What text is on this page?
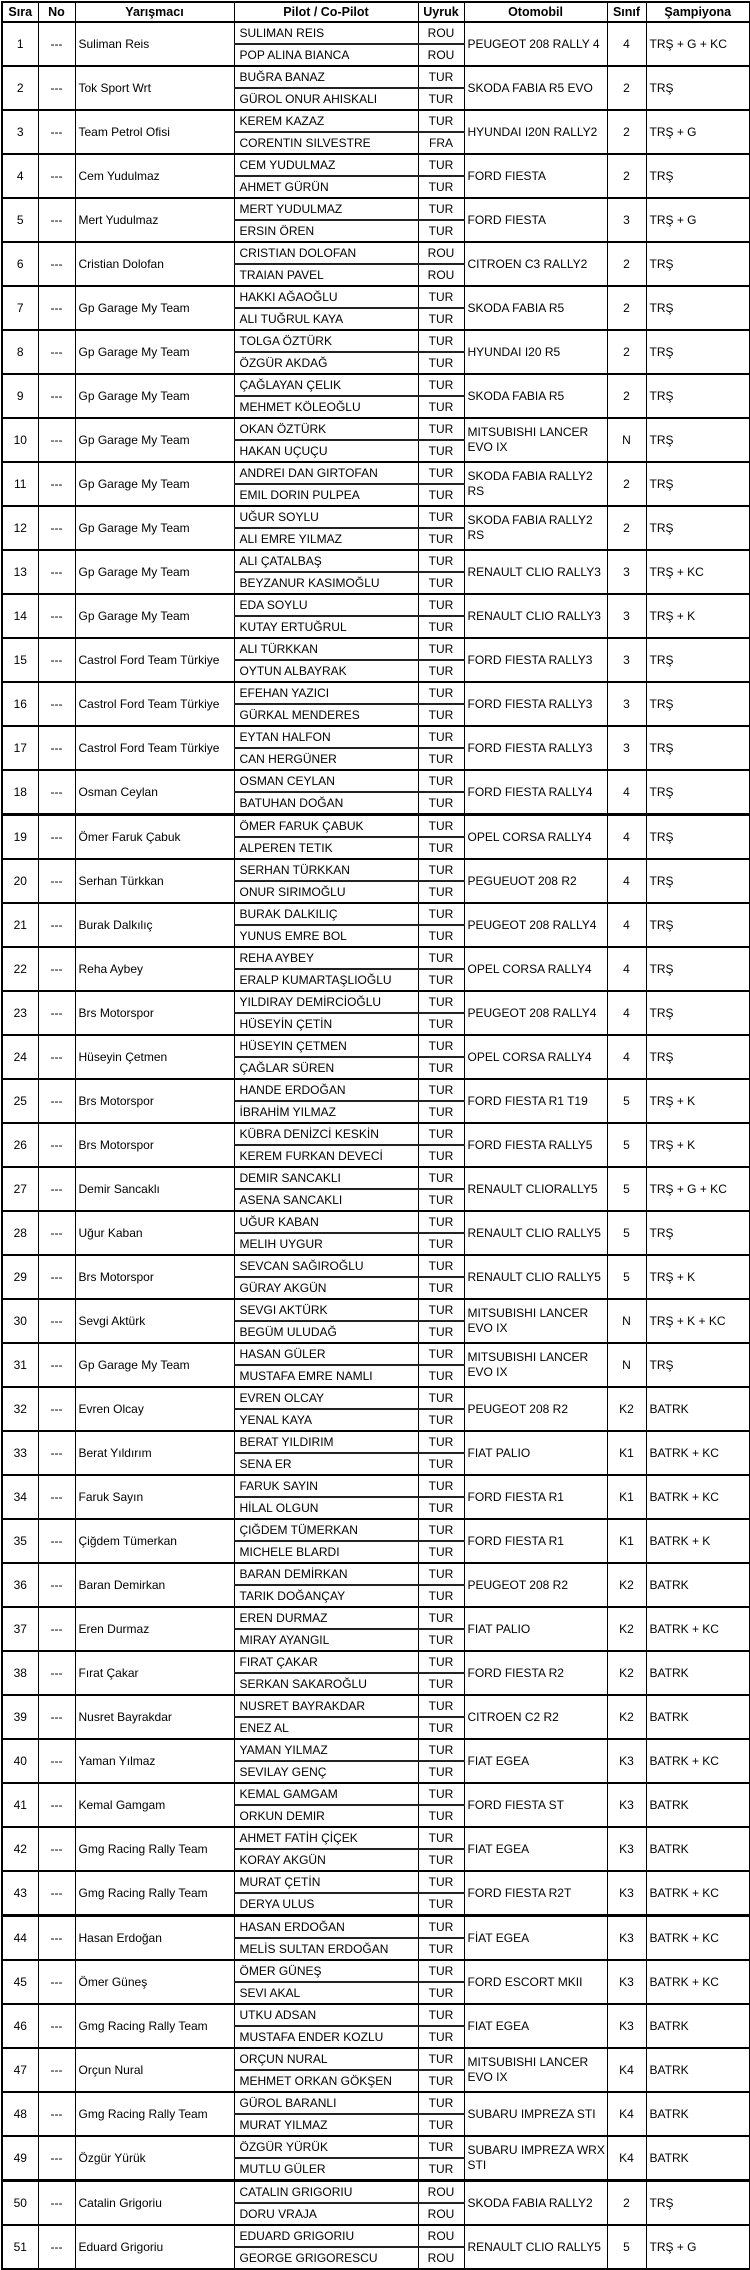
Sıra	No	Yarışmacı	Pilot / Co-Pilot	Uyruk	Otomobil	Sınıf	Şampiyona
1	---	Suliman Reis	SULIMAN REIS	ROU	PEUGEOT 208 RALLY 4	4	TRŞ + G + KC
			POP ALINA BIANCA	ROU			
2	---	Tok Sport Wrt	BUĞRA BANAZ	TUR	SKODA FABIA R5 EVO	2	TRŞ
			GÜROL ONUR AHISKALI	TUR			
3	---	Team Petrol Ofisi	KEREM KAZAZ	TUR	HYUNDAI I20N RALLY2	2	TRŞ + G
			CORENTIN SILVESTRE	FRA			
4	---	Cem Yudulmaz	CEM YUDULMAZ	TUR	FORD FIESTA	2	TRŞ
			AHMET GÜRÜN	TUR			
5	---	Mert Yudulmaz	MERT YUDULMAZ	TUR	FORD FIESTA	3	TRŞ + G
			ERSIN ÖREN	TUR			
6	---	Cristian Dolofan	CRISTIAN DOLOFAN	ROU	CITROEN C3 RALLY2	2	TRŞ
			TRAIAN PAVEL	ROU			
7	---	Gp Garage My Team	HAKKI AĞAOĞLU	TUR	SKODA FABIA R5	2	TRŞ
			ALI TUĞRUL KAYA	TUR			
8	---	Gp Garage My Team	TOLGA ÖZTÜRK	TUR	HYUNDAI I20 R5	2	TRŞ
			ÖZGÜR AKDAĞ	TUR			
9	---	Gp Garage My Team	ÇAĞLAYAN ÇELIK	TUR	SKODA FABIA R5	2	TRŞ
			MEHMET KÖLEOĞLU	TUR			
10	---	Gp Garage My Team	OKAN ÖZTÜRK	TUR	MITSUBISHI LANCER EVO IX	N	TRŞ
			HAKAN UÇUÇU	TUR			
11	---	Gp Garage My Team	ANDREI DAN GIRTOFAN	TUR	SKODA FABIA RALLY2 RS	2	TRŞ
			EMIL DORIN PULPEA	TUR			
12	---	Gp Garage My Team	UĞUR SOYLU	TUR	SKODA FABIA RALLY2 RS	2	TRŞ
			ALI EMRE YILMAZ	TUR			
13	---	Gp Garage My Team	ALI ÇATALBAŞ	TUR	RENAULT CLIO RALLY3	3	TRŞ + KC
			BEYZANUR KASIMOĞLU	TUR			
14	---	Gp Garage My Team	EDA SOYLU	TUR	RENAULT CLIO RALLY3	3	TRŞ + K
			KUTAY ERTUĞRUL	TUR			
15	---	Castrol Ford Team Türkiye	ALI TÜRKKAN	TUR	FORD FIESTA RALLY3	3	TRŞ
			OYTUN ALBAYRAK	TUR			
16	---	Castrol Ford Team Türkiye	EFEHAN YAZICI	TUR	FORD FIESTA RALLY3	3	TRŞ
			GÜRKAL MENDERES	TUR			
17	---	Castrol Ford Team Türkiye	EYTAN HALFON	TUR	FORD FIESTA RALLY3	3	TRŞ
			CAN HERGÜNER	TUR			
18	---	Osman Ceylan	OSMAN CEYLAN	TUR	FORD FIESTA RALLY4	4	TRŞ
			BATUHAN DOĞAN	TUR			
19	---	Ömer Faruk Çabuk	ÖMER FARUK ÇABUK	TUR	OPEL CORSA RALLY4	4	TRŞ
			ALPEREN TETIK	TUR			
20	---	Serhan Türkkan	SERHAN TÜRKKAN	TUR	PEGUEUOT 208 R2	4	TRŞ
			ONUR SIRIMOĞLU	TUR			
21	---	Burak Dalkılıç	BURAK DALKILIÇ	TUR	PEUGEOT 208 RALLY4	4	TRŞ
			YUNUS EMRE BOL	TUR			
22	---	Reha Aybey	REHA AYBEY	TUR	OPEL CORSA RALLY4	4	TRŞ
			ERALP KUMARTAŞLIOĞLU	TUR			
23	---	Brs Motorspor	YILDIRAY DEMİRCİOĞLU	TUR	PEUGEOT 208 RALLY4	4	TRŞ
			HÜSEYİN ÇETİN	TUR			
24	---	Hüseyin Çetmen	HÜSEYIN ÇETMEN	TUR	OPEL CORSA RALLY4	4	TRŞ
			ÇAĞLAR SÜREN	TUR			
25	---	Brs Motorspor	HANDE ERDOĞAN	TUR	FORD FIESTA R1 T19	5	TRŞ + K
			İBRAHİM YILMAZ	TUR			
26	---	Brs Motorspor	KÜBRA DENİZCİ KESKİN	TUR	FORD FIESTA RALLY5	5	TRŞ + K
			KEREM FURKAN DEVECİ	TUR			
27	---	Demir Sancaklı	DEMIR SANCAKLI	TUR	RENAULT CLIORALLY5	5	TRŞ + G + KC
			ASENA SANCAKLI	TUR			
28	---	Uğur Kaban	UĞUR KABAN	TUR	RENAULT CLIO RALLY5	5	TRŞ
			MELIH UYGUR	TUR			
29	---	Brs Motorspor	SEVCAN SAĞIROĞLU	TUR	RENAULT CLIO RALLY5	5	TRŞ + K
			GÜRAY AKGÜN	TUR			
30	---	Sevgi Aktürk	SEVGI AKTÜRK	TUR	MITSUBISHI LANCER EVO IX	N	TRŞ + K + KC
			BEGÜM ULUDAĞ	TUR			
31	---	Gp Garage My Team	HASAN GÜLER	TUR	MITSUBISHI LANCER EVO IX	N	TRŞ
			MUSTAFA EMRE NAMLI	TUR			
32	---	Evren Olcay	EVREN OLCAY	TUR	PEUGEOT 208 R2	K2	BATRK
			YENAL KAYA	TUR			
33	---	Berat Yıldırım	BERAT YILDIRIM	TUR	FIAT PALIO	K1	BATRK + KC
			SENA ER	TUR			
34	---	Faruk Sayın	FARUK SAYIN	TUR	FORD FIESTA R1	K1	BATRK + KC
			HİLAL OLGUN	TUR			
35	---	Çiğdem Tümerkan	ÇIĞDEM TÜMERKAN	TUR	FORD FIESTA R1	K1	BATRK + K
			MICHELE BLARDI	TUR			
36	---	Baran Demirkan	BARAN DEMİRKAN	TUR	PEUGEOT 208 R2	K2	BATRK
			TARIK DOĞANÇAY	TUR			
37	---	Eren Durmaz	EREN DURMAZ	TUR	FIAT PALIO	K2	BATRK + KC
			MIRAY AYANGIL	TUR			
38	---	Fırat Çakar	FIRAT ÇAKAR	TUR	FORD FIESTA R2	K2	BATRK
			SERKAN SAKAROĞLU	TUR			
39	---	Nusret Bayrakdar	NUSRET BAYRAKDAR	TUR	CITROEN C2 R2	K2	BATRK
			ENEZ AL	TUR			
40	---	Yaman Yılmaz	YAMAN YILMAZ	TUR	FIAT EGEA	K3	BATRK + KC
			SEVILAY GENÇ	TUR			
41	---	Kemal Gamgam	KEMAL GAMGAM	TUR	FORD FIESTA ST	K3	BATRK
			ORKUN DEMIR	TUR			
42	---	Gmg Racing Rally Team	AHMET FATİH ÇİÇEK	TUR	FIAT EGEA	K3	BATRK
			KORAY AKGÜN	TUR			
43	---	Gmg Racing Rally Team	MURAT ÇETİN	TUR	FORD FIESTA R2T	K3	BATRK + KC
			DERYA ULUS	TUR			
44	---	Hasan Erdoğan	HASAN ERDOĞAN	TUR	FİAT EGEA	K3	BATRK + KC
			MELİS SULTAN ERDOĞAN	TUR			
45	---	Ömer Güneş	ÖMER GÜNEŞ	TUR	FORD ESCORT MKII	K3	BATRK + KC
			SEVI AKAL	TUR			
46	---	Gmg Racing Rally Team	UTKU ADSAN	TUR	FIAT EGEA	K3	BATRK
			MUSTAFA ENDER KOZLU	TUR			
47	---	Orçun Nural	ORÇUN NURAL	TUR	MITSUBISHI LANCER EVO IX	K4	BATRK
			MEHMET ORKAN GÖKŞEN	TUR			
48	---	Gmg Racing Rally Team	GÜROL BARANLI	TUR	SUBARU IMPREZA STI	K4	BATRK
			MURAT YILMAZ	TUR			
49	---	Özgür Yürük	ÖZGÜR YÜRÜK	TUR	SUBARU IMPREZA WRX STI	K4	BATRK
			MUTLU GÜLER	TUR			
50	---	Catalin Grigoriu	CATALIN GRIGORIU	ROU	SKODA FABIA RALLY2	2	TRŞ
			DORU VRAJA	ROU			
51	---	Eduard Grigoriu	EDUARD GRIGORIU	ROU	RENAULT CLIO RALLY5	5	TRŞ + G
			GEORGE GRIGORESCU	ROU			
